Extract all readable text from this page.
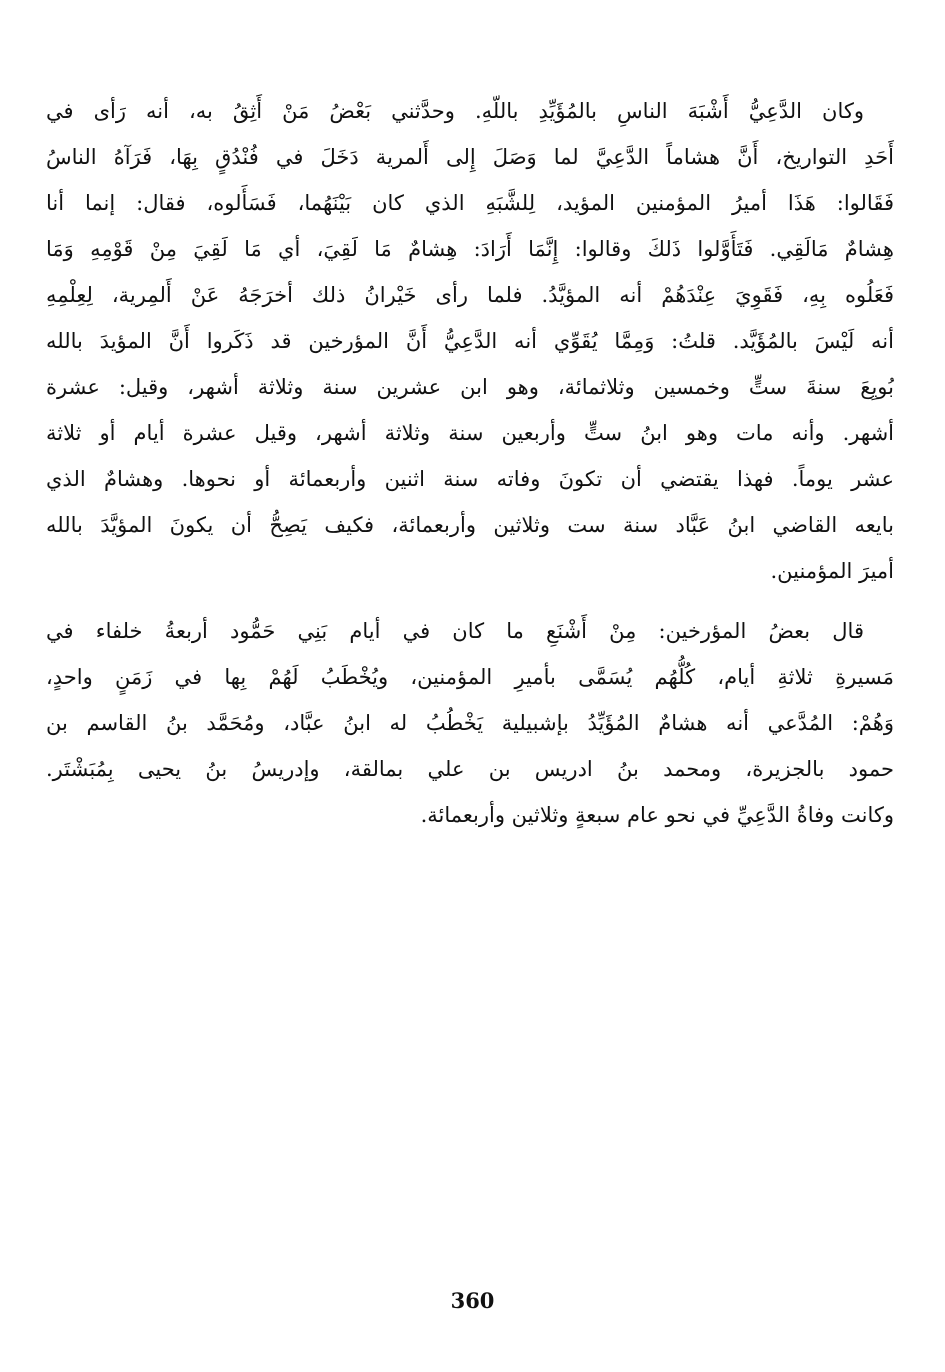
وكان الدَّعِيُّ أَشْبَهَ الناسِ بالمُؤَيِّدِ باللّهِ. وحدَّثني بَعْضُ مَنْ أَثِقُ به، أنه رَأى في
أَحَدِ التواريخ، أَنَّ هشاماً الدَّعِيَّ لما وَصَلَ إِلى أَلمرية دَخَلَ في فُنْدُقٍ بِهَا، فَرَآهُ الناسُ
فَقَالوا: هَذَا أميرُ المؤمنين المؤيد، لِلشَّبَهِ الذي كان بَيْنَهُما، فَسَأَلوه، فقال: إنما أنا
هِشامٌ مَالَقِي. فَتَأَوَّلوا ذَلكَ وقالوا: إِنَّمَا أَرَادَ: هِشامٌ مَا لَقِيَ، أي مَا لَقِيَ مِنْ قَوْمِهِ وَمَا
فَعَلُوه بِهِ، فَقَوِيَ عِنْدَهُمْ أنه المؤيَّدُ. فلما رأى خَيْرانُ ذلك أخرَجَهُ عَنْ أَلمِرية، لِعِلْمِهِ
أنه لَيْسَ بالمُؤَيَّد. قلتُ: وَمِمَّا يُقَوِّي أنه الدَّعِيُّ أَنَّ المؤرخين قد ذَكَروا أَنَّ المؤيدَ بالله
بُويِعَ سنةَ ستٍّ وخمسين وثلاثمائة، وهو ابن عشرين سنة وثلاثة أشهر، وقيل: عشرة
أشهر. وأنه مات وهو ابنُ ستٍّ وأربعين سنة وثلاثة أشهر، وقيل عشرة أيام أو ثلاثة
عشر يوماً. فهذا يقتضي أن تكونَ وفاته سنة اثنين وأربعمائة أو نحوها. وهشامٌ الذي
بايعه القاضي ابنُ عَبَّاد سنة ست وثلاثين وأربعمائة، فكيف يَصِحُّ أن يكونَ المؤيَّدَ بالله
أميرَ المؤمنين.
قال بعضُ المؤرخين: مِنْ أَشْنَعِ ما كان في أيام بَنِي حَمُّود أربعةُ خلفاء في
مَسيرةِ ثلاثةِ أيام، كُلُّهُم يُسَمَّى بأميرِ المؤمنين، ويُخْطَبُ لَهُمْ بِها في زَمَنٍ واحدٍ،
وَهُمْ: المُدَّعي أنه هشامٌ المُؤَيِّدُ بإشبيلية يَخْطُبُ له ابنُ عبَّاد، ومُحَمَّد بنُ القاسم بن
حمود بالجزيرة، ومحمد بنُ ادريس بن علي بمالقة، وإدريسُ بنُ يحيى بِمُبَشْتَر.
وكانت وفاةُ الدَّعِيِّ في نحو عام سبعةٍ وثلاثين وأربعمائة.
360
